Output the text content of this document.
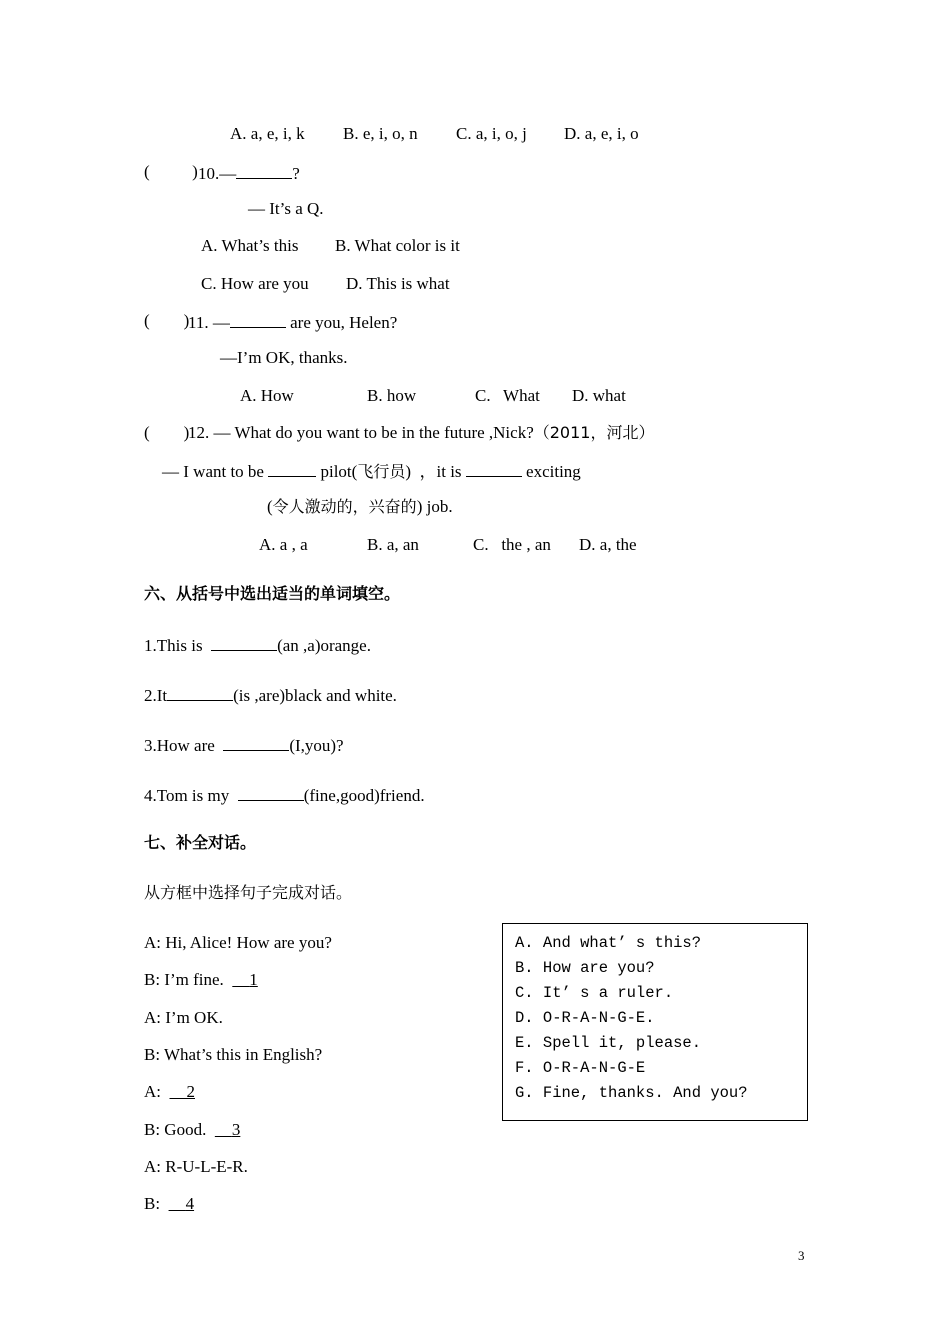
A. a, e, i, k B. e, i, o, n C. a, i, o, j D. a, e, i, o
(          ) 10.—	?
— It’s a Q.
A. What’s this B. What color is it
C. How are you D. This is what
(        )
11. —	are you, Helen?
—I’m OK, thanks.
A. How	B. how	C.   What D. what
(        )
12. — What do you want to be in the future ,Nick?（2011，河北）
— I want to be	pilot(飞行员)  ，it is	exciting
(令人激动的，兴奋的) job.
A. a , a	B. a, an	C.   the , an D. a, the
六、从括号中选出适当的单词填空。
1.This is	(an ,a)orange.
2.It	(is ,are)black and white.
3.How are	(I,you)?
4.Tom is my	(fine,good)friend.
七、补全对话。
从方框中选择句子完成对话。
A: Hi, Alice! How are you?
B: I’m fine. 1
A: I’m OK.
B: What’s this in English?
A: 2
B: Good. 3
A: R-U-L-E-R.
B: 4
A. And what’ s this?
B. How are you?
C. It’ s a ruler.
D. O-R-A-N-G-E.
E. Spell it, please.
F. O-R-A-N-G-E
G. Fine, thanks. And you?
3
